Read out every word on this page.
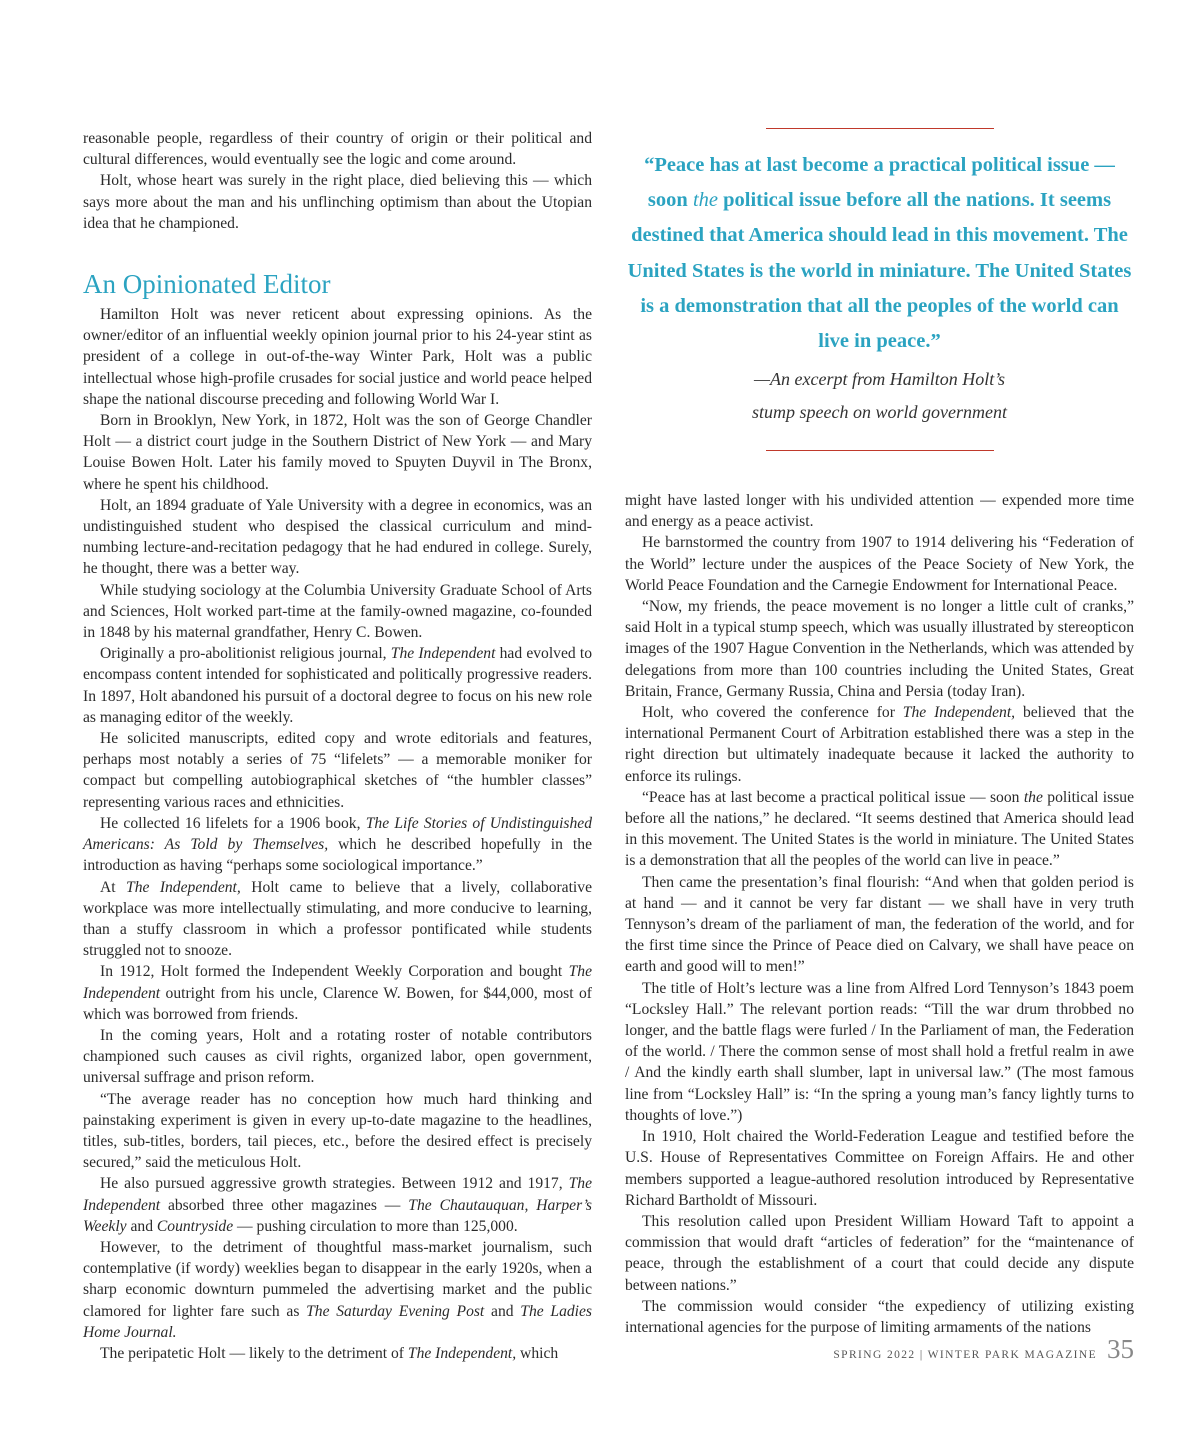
reasonable people, regardless of their country of origin or their political and cultural differences, would eventually see the logic and come around.

Holt, whose heart was surely in the right place, died believing this — which says more about the man and his unflinching optimism than about the Utopian idea that he championed.

An Opinionated Editor

Hamilton Holt was never reticent about expressing opinions. As the owner/editor of an influential weekly opinion journal prior to his 24-year stint as president of a college in out-of-the-way Winter Park, Holt was a public intellectual whose high-profile crusades for social justice and world peace helped shape the national discourse preceding and following World War I.

Born in Brooklyn, New York, in 1872, Holt was the son of George Chandler Holt — a district court judge in the Southern District of New York — and Mary Louise Bowen Holt. Later his family moved to Spuyten Duyvil in The Bronx, where he spent his childhood.

Holt, an 1894 graduate of Yale University with a degree in economics, was an undistinguished student who despised the classical curriculum and mind-numbing lecture-and-recitation pedagogy that he had endured in college. Surely, he thought, there was a better way.

While studying sociology at the Columbia University Graduate School of Arts and Sciences, Holt worked part-time at the family-owned magazine, co-founded in 1848 by his maternal grandfather, Henry C. Bowen.

Originally a pro-abolitionist religious journal, The Independent had evolved to encompass content intended for sophisticated and politically progressive readers. In 1897, Holt abandoned his pursuit of a doctoral degree to focus on his new role as managing editor of the weekly.

He solicited manuscripts, edited copy and wrote editorials and features, perhaps most notably a series of 75 “lifelets” — a memorable moniker for compact but compelling autobiographical sketches of “the humbler classes” representing various races and ethnicities.

He collected 16 lifelets for a 1906 book, The Life Stories of Undistinguished Americans: As Told by Themselves, which he described hopefully in the introduction as having “perhaps some sociological importance.”

At The Independent, Holt came to believe that a lively, collaborative workplace was more intellectually stimulating, and more conducive to learning, than a stuffy classroom in which a professor pontificated while students struggled not to snooze.

In 1912, Holt formed the Independent Weekly Corporation and bought The Independent outright from his uncle, Clarence W. Bowen, for $44,000, most of which was borrowed from friends.

In the coming years, Holt and a rotating roster of notable contributors championed such causes as civil rights, organized labor, open government, universal suffrage and prison reform.

“The average reader has no conception how much hard thinking and painstaking experiment is given in every up-to-date magazine to the headlines, titles, sub-titles, borders, tail pieces, etc., before the desired effect is precisely secured,” said the meticulous Holt.

He also pursued aggressive growth strategies. Between 1912 and 1917, The Independent absorbed three other magazines — The Chautauquan, Harper’s Weekly and Countryside — pushing circulation to more than 125,000.

However, to the detriment of thoughtful mass-market journalism, such contemplative (if wordy) weeklies began to disappear in the early 1920s, when a sharp economic downturn pummeled the advertising market and the public clamored for lighter fare such as The Saturday Evening Post and The Ladies Home Journal.

The peripatetic Holt — likely to the detriment of The Independent, which

“Peace has at last become a practical political issue — soon the political issue before all the nations. It seems destined that America should lead in this movement. The United States is the world in miniature. The United States is a demonstration that all the peoples of the world can live in peace.”
—An excerpt from Hamilton Holt’s
stump speech on world government

might have lasted longer with his undivided attention — expended more time and energy as a peace activist.

He barnstormed the country from 1907 to 1914 delivering his “Federation of the World” lecture under the auspices of the Peace Society of New York, the World Peace Foundation and the Carnegie Endowment for International Peace.

“Now, my friends, the peace movement is no longer a little cult of cranks,” said Holt in a typical stump speech, which was usually illustrated by stereopticon images of the 1907 Hague Convention in the Netherlands, which was attended by delegations from more than 100 countries including the United States, Great Britain, France, Germany Russia, China and Persia (today Iran).

Holt, who covered the conference for The Independent, believed that the international Permanent Court of Arbitration established there was a step in the right direction but ultimately inadequate because it lacked the authority to enforce its rulings.

“Peace has at last become a practical political issue — soon the political issue before all the nations,” he declared. “It seems destined that America should lead in this movement. The United States is the world in miniature. The United States is a demonstration that all the peoples of the world can live in peace.”

Then came the presentation’s final flourish: “And when that golden period is at hand — and it cannot be very far distant — we shall have in very truth Tennyson’s dream of the parliament of man, the federation of the world, and for the first time since the Prince of Peace died on Calvary, we shall have peace on earth and good will to men!”

The title of Holt’s lecture was a line from Alfred Lord Tennyson’s 1843 poem “Locksley Hall.” The relevant portion reads: “Till the war drum throbbed no longer, and the battle flags were furled / In the Parliament of man, the Federation of the world. / There the common sense of most shall hold a fretful realm in awe / And the kindly earth shall slumber, lapt in universal law.” (The most famous line from “Locksley Hall” is: “In the spring a young man’s fancy lightly turns to thoughts of love.”)

In 1910, Holt chaired the World-Federation League and testified before the U.S. House of Representatives Committee on Foreign Affairs. He and other members supported a league-authored resolution introduced by Representative Richard Bartholdt of Missouri.

This resolution called upon President William Howard Taft to appoint a commission that would draft “articles of federation” for the “maintenance of peace, through the establishment of a court that could decide any dispute between nations.”

The commission would consider “the expediency of utilizing existing international agencies for the purpose of limiting armaments of the nations

SPRING 2022 | WINTER PARK MAGAZINE 35
